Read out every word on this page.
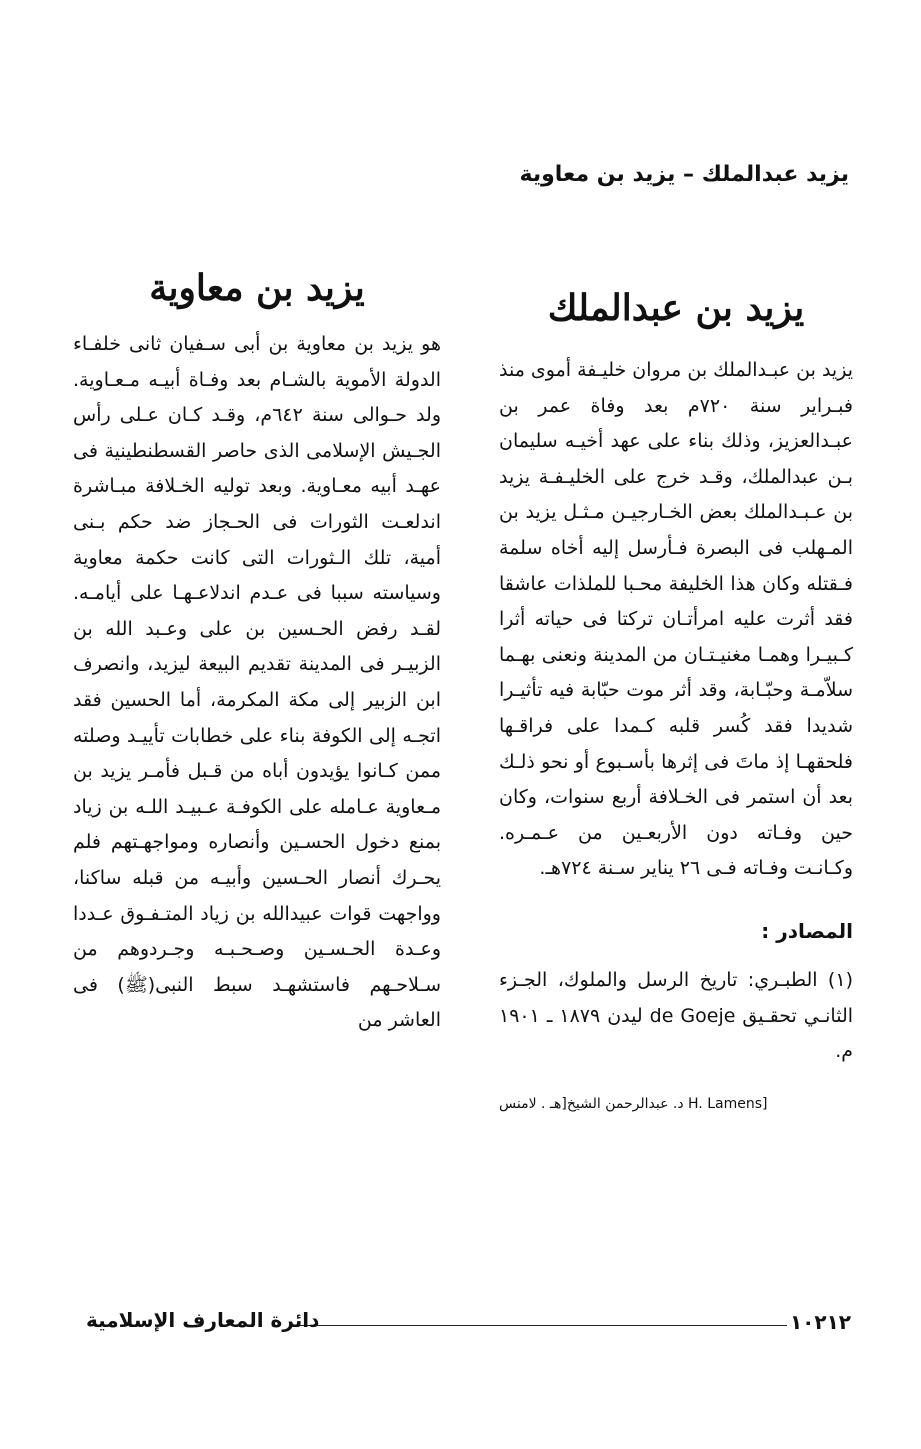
يزيد عبدالملك – يزيد بن معاوية
يزيد بن عبدالملك

يزيد بن عبـدالملك بن مروان خليـفة أموى منذ فبـراير سنة ٧٢٠م بعد وفاة عمر بن عبـدالعزيز، وذلك بناء على عهد أخيـه سليمان بـن عبدالملك، وقـد خرج على الخليـفـة يزيد بن عـبـدالملك بعض الخـارجيـن مـثـل يزيد بن المـهلب فى البصرة فـأرسل إليه أخاه سلمة فـقتله وكان هذا الخليفة محـبا للملذات عاشقا فقد أثرت عليه امرأتـان تركتا فى حياته أثرا كـبيـرا وهمـا مغنيـتـان من المدينة ونعنى بهـما سلاّمـة وحبّـابة، وقد أثر موت حبّابة فيه تأثيـرا شديدا فقد كُسر قلبه كـمدا على فراقـها فلحقهـا إذ ماتَ فى إثرها بأسـبوع أو نحو ذلـك بعد أن استمر فى الخـلافة أربع سنوات، وكان حين وفـاته دون الأربعـين من عـمـره. وكـانـت وفـاته فـى ٢٦ يناير سـنة ٧٢٤هـ.

المصادر :

(١) الطبـري: تاريخ الرسل والملوك، الجـزء الثانـي تحقـيق de Goeje ليدن ١٨٧٩ ـ ١٩٠١ م.

[H. Lamens د. عبدالرحمن الشيخ[هـ . لامنس

يزيد بن معاوية

هو يزيد بن معاوية بن أبى سـفيان ثانى خلفـاء الدولة الأموية بالشـام بعد وفـاة أبيـه مـعـاوية. ولد حـوالى سنة ٦٤٢م، وقـد كـان عـلى رأس الجـيش الإسلامى الذى حاصر القسطنطينية فى عهـد أبيه معـاوية. وبعد توليه الخـلافة مبـاشرة اندلعـت الثورات فى الحـجاز ضد حكم بـنى أمية، تلك الـثورات التى كانت حكمة معاوية وسياسته سببا فى عـدم اندلاعـهـا على أيامـه. لقـد رفض الحـسين بن على وعـبد الله بن الزبيـر فى المدينة تقديم البيعة ليزيد، وانصرف ابن الزبير إلى مكة المكرمة، أما الحسين فقد اتجـه إلى الكوفة بناء على خطابات تأييـد وصلته ممن كـانوا يؤيدون أباه من قـبل فأمـر يزيد بن مـعاوية عـامله على الكوفـة عـبيـد اللـه بن زياد بمنع دخول الحسـين وأنصاره ومواجهـتهم فلم يحـرك أنصار الحـسين وأبيـه من قبله ساكنا، وواجهت قوات عبيدالله بن زياد المتـفـوق عـددا وعـدة الحـسـين وصـحـبـه وجـردوهم من سـلاحـهم فاستشهـد سبط النبى(ﷺ) فى العاشر من

دائرة المعارف الإسلامية	١٠٢١٢
